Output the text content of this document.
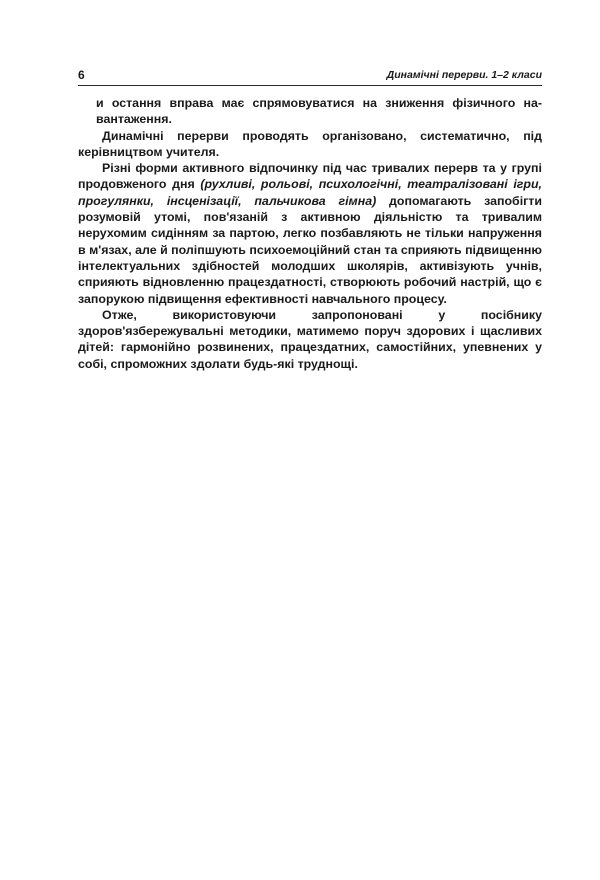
6	Динамічні перерви. 1–2 класи

и остання вправа має спрямовуватися на зниження фізичного на-вантаження.

Динамічні перерви проводять організовано, систематично, під керівництвом учителя.

Різні форми активного відпочинку під час тривалих перерв та у групі продовженого дня (рухливі, рольові, психологічні, театралізовані ігри, прогулянки, інсценізації, пальчикова гімна) допомагають запобігти розумовій утомі, пов'язаній з активною діяльністю та тривалим нерухомим сидінням за партою, легко позбавляють не тільки напруження в м'язах, але й поліпшують психоемоційний стан та сприяють підвищенню інтелектуальних здібностей молодших школярів, активізують учнів, сприяють відновленню працездатності, створюють робочий настрій, що є запорукою підвищення ефективності навчального процесу.

Отже, використовуючи запропоновані у посібнику здоров'язбережувальні методики, матимемо поруч здорових і щасливих дітей: гармонійно розвинених, працездатних, самостійних, упевнених у собі, спроможних здолати будь-які труднощі.
